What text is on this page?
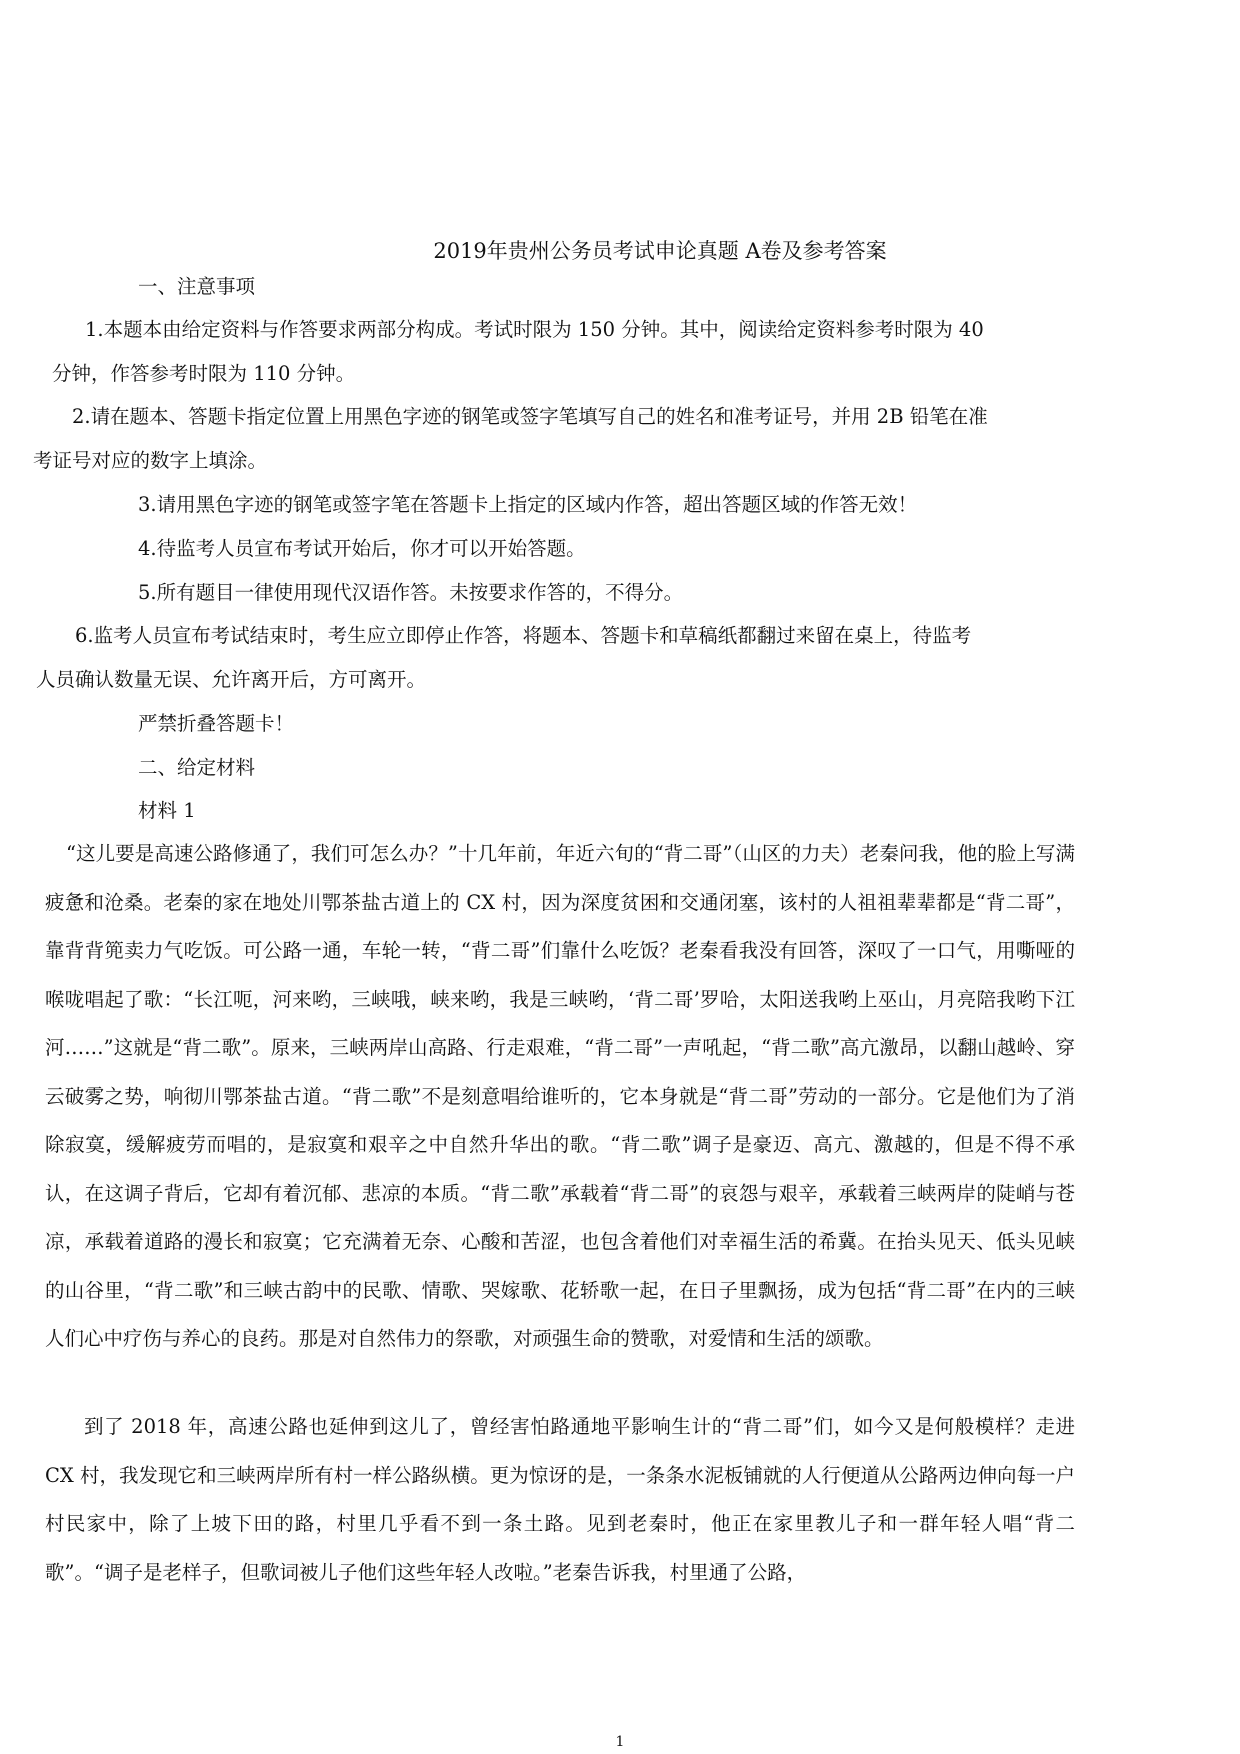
2019年贵州公务员考试申论真题 A卷及参考答案
一、注意事项
1.本题本由给定资料与作答要求两部分构成。考试时限为 150 分钟。其中，阅读给定资料参考时限为 40
分钟，作答参考时限为 110 分钟。
2.请在题本、答题卡指定位置上用黑色字迹的钢笔或签字笔填写自己的姓名和准考证号，并用 2B 铅笔在准
考证号对应的数字上填涂。
3.请用黑色字迹的钢笔或签字笔在答题卡上指定的区域内作答，超出答题区域的作答无效！
4.待监考人员宣布考试开始后，你才可以开始答题。
5.所有题目一律使用现代汉语作答。未按要求作答的，不得分。
6.监考人员宣布考试结束时，考生应立即停止作答，将题本、答题卡和草稿纸都翻过来留在桌上，待监考
人员确认数量无误、允许离开后，方可离开。
严禁折叠答题卡！
二、给定材料
材料 1
“这儿要是高速公路修通了，我们可怎么办？”十几年前，年近六旬的“背二哥”（山区的力夫）老秦问我，他的脸上写满疲惫和沧桑。老秦的家在地处川鄂茶盐古道上的 CX 村，因为深度贫困和交通闭塞，该村的人祖祖辈辈都是“背二哥”，靠背背篼卖力气吃饭。可公路一通，车轮一转，“背二哥”们靠什么吃饭？老秦看我没有回答，深叹了一口气，用嘶哑的喉咙唱起了歌：“长江呃，河来哟，三峡哦，峡来哟，我是三峡哟，‘背二哥’罗哈，太阳送我哟上巫山，月亮陪我哟下江河……”这就是“背二歌”。原来，三峡两岸山高路、行走艰难，“背二哥”一声吼起，“背二歌”高亢激昂，以翻山越岭、穿云破雾之势，响彻川鄂茶盐古道。“背二歌”不是刻意唱给谁听的，它本身就是“背二哥”劳动的一部分。它是他们为了消除寂寞，缓解疲劳而唱的，是寂寞和艰辛之中自然升华出的歌。“背二歌”调子是豪迈、高亢、激越的，但是不得不承认，在这调子背后，它却有着沉郁、悲凉的本质。“背二歌”承载着“背二哥”的哀怨与艰辛，承载着三峡两岸的陡峭与苍凉，承载着道路的漫长和寂寞；它充满着无奈、心酸和苦涩，也包含着他们对幸福生活的希冀。在抬头见天、低头见峡的山谷里，“背二歌”和三峡古韵中的民歌、情歌、哭嫁歌、花轿歌一起，在日子里飘扬，成为包括“背二哥”在内的三峡人们心中疗伤与养心的良药。那是对自然伟力的祭歌，对顽强生命的赞歌，对爱情和生活的颂歌。
到了 2018 年，高速公路也延伸到这儿了，曾经害怕路通地平影响生计的“背二哥”们，如今又是何般模样？走进 CX 村，我发现它和三峡两岸所有村一样公路纵横。更为惊讶的是，一条条水泥板铺就的人行便道从公路两边伸向每一户村民家中，除了上坡下田的路，村里几乎看不到一条土路。见到老秦时，他正在家里教儿子和一群年轻人唱“背二歌”。“调子是老样子，但歌词被儿子他们这些年轻人改啦。”老秦告诉我，村里通了公路，
1
